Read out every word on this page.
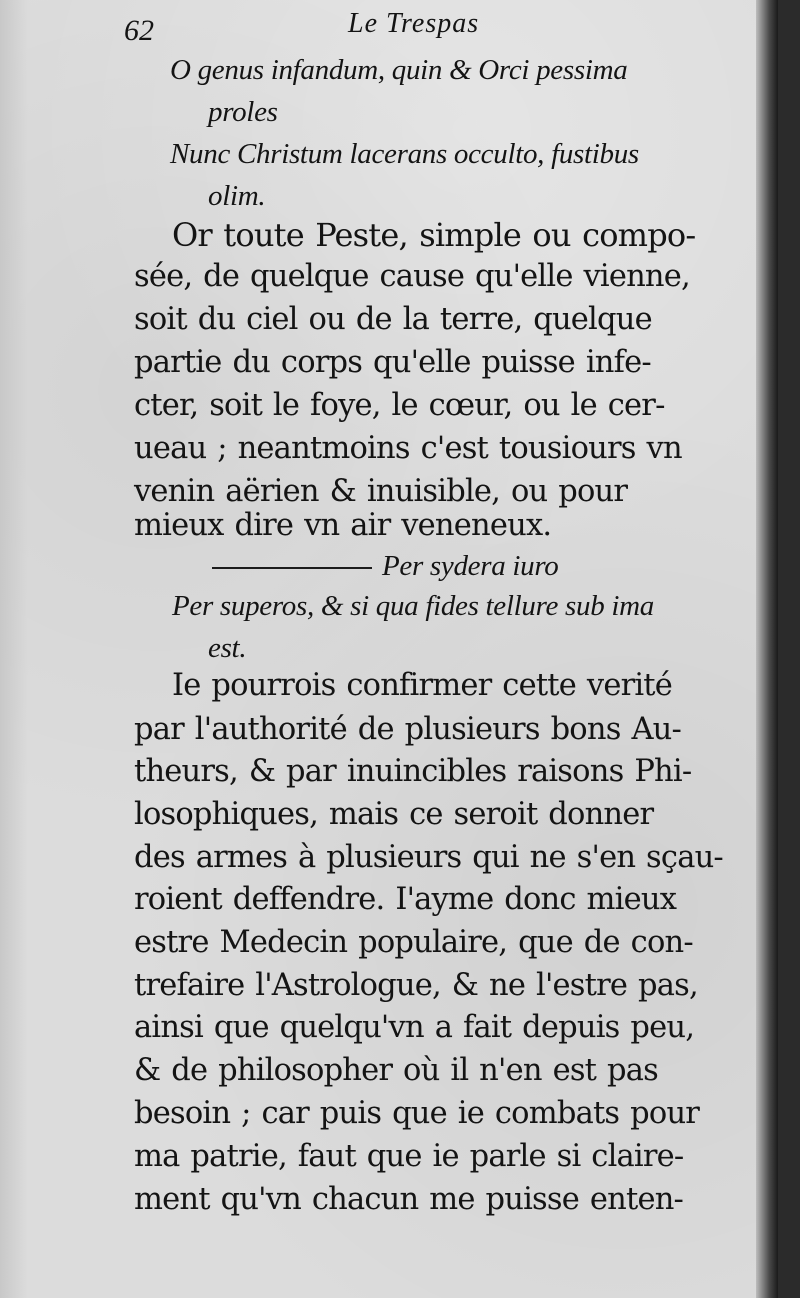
62	Le Trespas
O genus infandum, quin & Orci pessima
proles
Nunc Christum lacerans occulto, fustibus
olim.
Or toute Peste, simple ou compo-
sée, de quelque cause qu'elle vienne,
soit du ciel ou de la terre, quelque
partie du corps qu'elle puisse infe-
cter, soit le foye, le cœur, ou le cer-
ueau ; neantmoins c'est tousiours vn
venin aërien & inuisible, ou pour
mieux dire vn air veneneux.
Per sydera iuro
Per superos, & si qua fides tellure sub ima
est.
Ie pourrois confirmer cette verité
par l'authorité de plusieurs bons Au-
theurs, & par inuincibles raisons Phi-
losophiques, mais ce seroit donner
des armes à plusieurs qui ne s'en sçau-
roient deffendre. I'ayme donc mieux
estre Medecin populaire, que de con-
trefaire l'Astrologue, & ne l'estre pas,
ainsi que quelqu'vn a fait depuis peu,
& de philosopher où il n'en est pas
besoin ; car puis que ie combats pour
ma patrie, faut que ie parle si claire-
ment qu'vn chacun me puisse enten-
